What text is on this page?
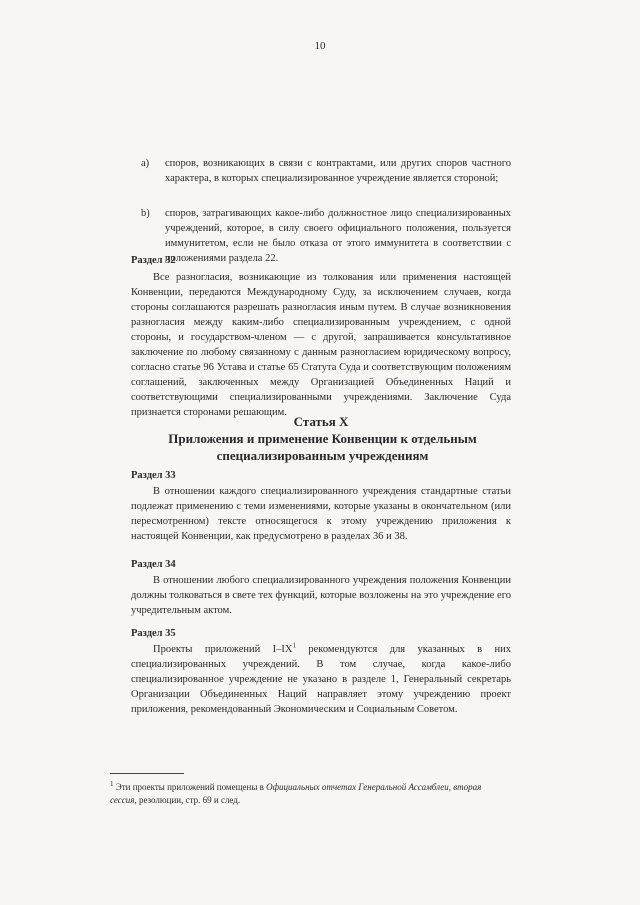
10
a)	споров, возникающих в связи с контрактами, или других споров частного характера, в которых специализированное учреждение является стороной;
b)	споров, затрагивающих какое-либо должностное лицо специализированных учреждений, которое, в силу своего официального положения, пользуется иммунитетом, если не было отказа от этого иммунитета в соответствии с положениями раздела 22.
Раздел 32
Все разногласия, возникающие из толкования или применения настоящей Конвенции, передаются Международному Суду, за исключением случаев, когда стороны соглашаются разрешать разногласия иным путем. В случае возникновения разногласия между каким-либо специализированным учреждением, с одной стороны, и государством-членом — с другой, запрашивается консультативное заключение по любому связанному с данным разногласием юридическому вопросу, согласно статье 96 Устава и статье 65 Статута Суда и соответствующим положениям соглашений, заключенных между Организацией Объединенных Наций и соответствующими специализированными учреждениями. Заключение Суда признается сторонами решающим.
Статья X
Приложения и применение Конвенции к отдельным специализированным учреждениям
Раздел 33
В отношении каждого специализированного учреждения стандартные статьи подлежат применению с теми изменениями, которые указаны в окончательном (или пересмотренном) тексте относящегося к этому учреждению приложения к настоящей Конвенции, как предусмотрено в разделах 36 и 38.
Раздел 34
В отношении любого специализированного учреждения положения Конвенции должны толковаться в свете тех функций, которые возложены на это учреждение его учредительным актом.
Раздел 35
Проекты приложений $I-IX^1$ рекомендуются для указанных в них специализированных учреждений. В том случае, когда какое-либо специализированное учреждение не указано в разделе 1, Генеральный секретарь Организации Объединенных Наций направляет этому учреждению проект приложения, рекомендованный Экономическим и Социальным Советом.
$^1$ Эти проекты приложений помещены в Официальных отчетах Генеральной Ассамблеи, вторая сессия, резолюции, стр. 69 и след.
